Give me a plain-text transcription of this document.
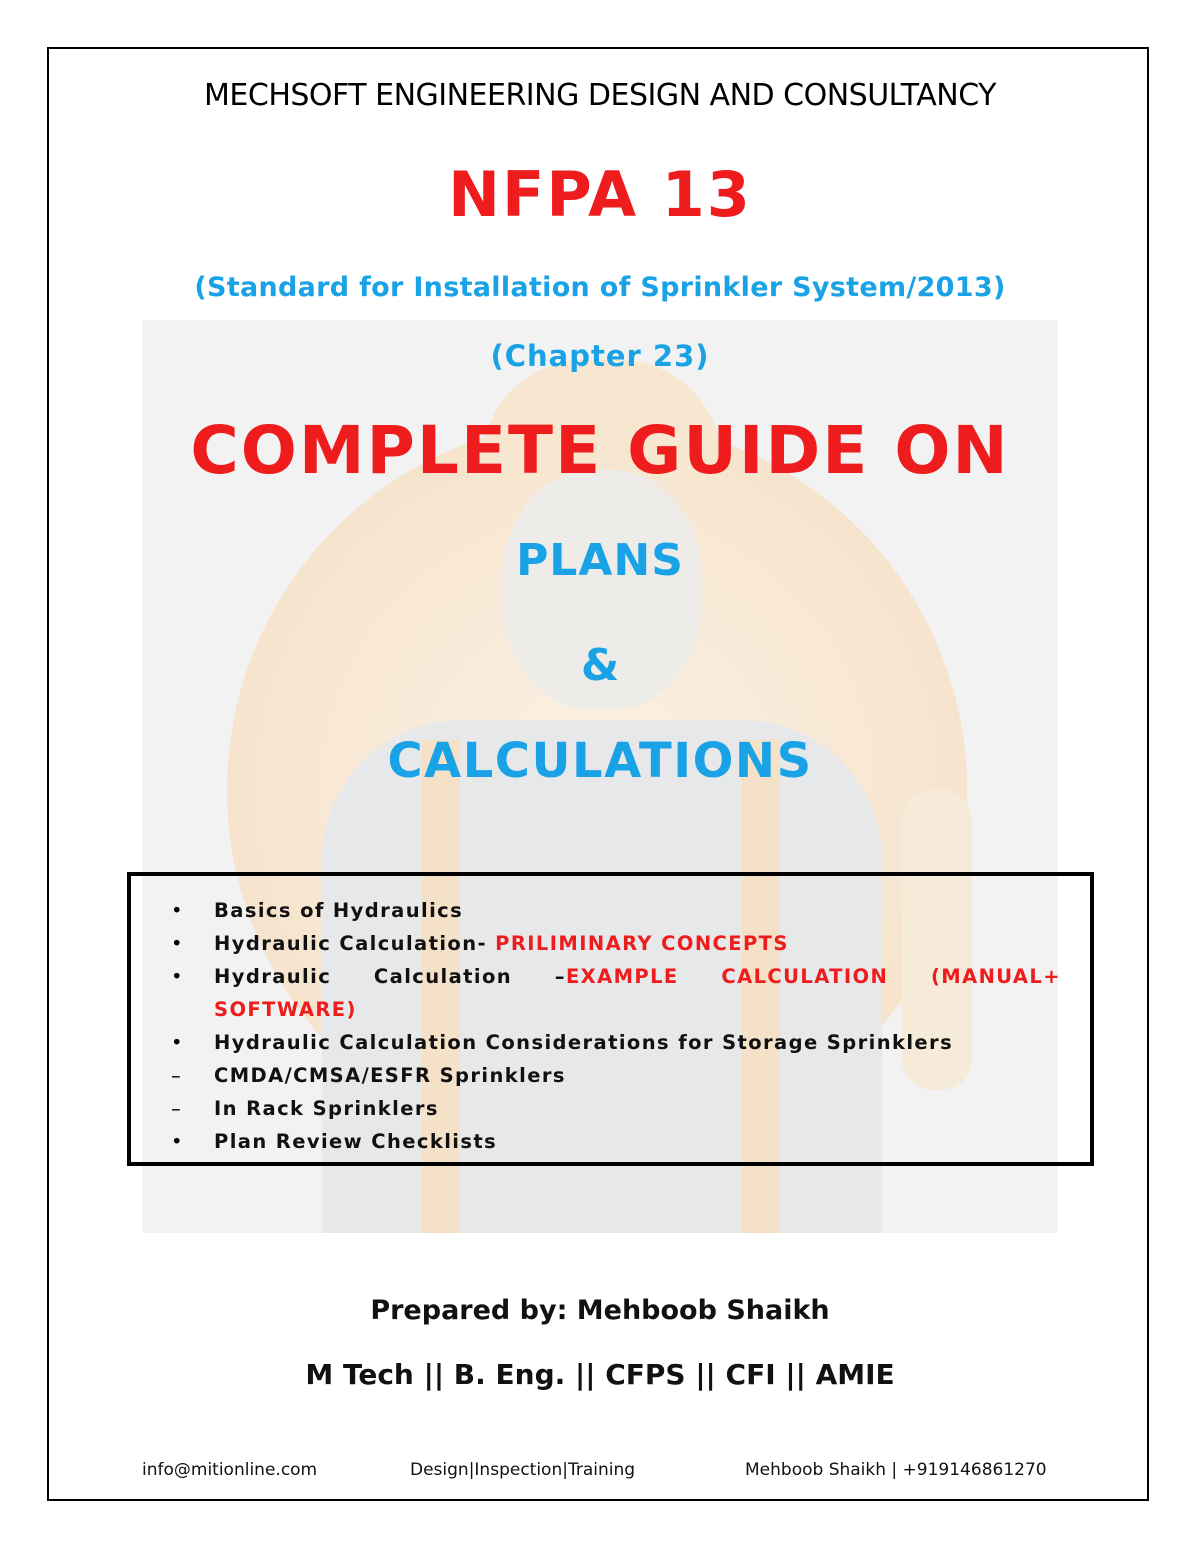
MECHSOFT ENGINEERING DESIGN AND CONSULTANCY
NFPA 13
(Standard for Installation of Sprinkler System/2013)
(Chapter 23)
COMPLETE GUIDE ON
PLANS
&
CALCULATIONS
•	Basics of Hydraulics
•	Hydraulic Calculation- PRILIMINARY CONCEPTS
•	Hydraulic Calculation –EXAMPLE CALCULATION (MANUAL+
SOFTWARE)
•	Hydraulic Calculation Considerations for Storage Sprinklers
–	CMDA/CMSA/ESFR Sprinklers
–	In Rack Sprinklers
•	Plan Review Checklists
Prepared by: Mehboob Shaikh
M Tech || B. Eng. || CFPS || CFI || AMIE
info@mitionline.com	Design|Inspection|Training	Mehboob Shaikh | +919146861270
